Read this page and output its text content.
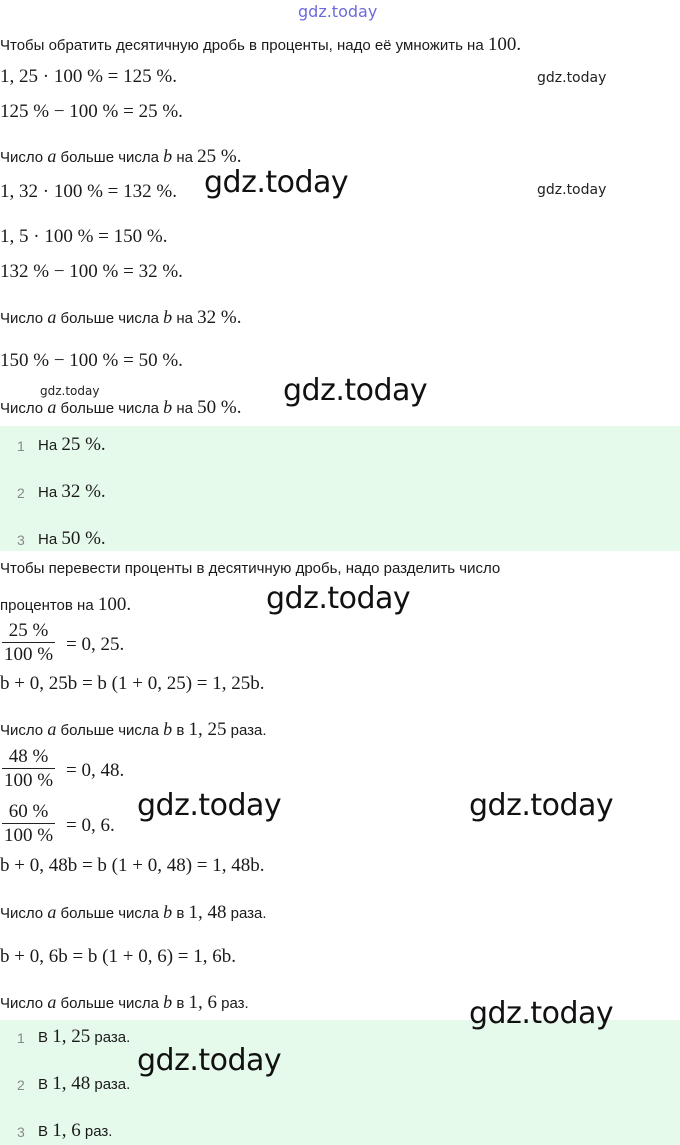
gdz.today
Чтобы обратить десятичную дробь в проценты, надо её умножить на 100.
1, 25 · 100 % = 125 %.	gdz.today
125 % − 100 % = 25 %.
Число a больше числа b на 25 %.
1, 32 · 100 % = 132 %. gdz.today	gdz.today
1, 5 · 100 % = 150 %.
132 % − 100 % = 32 %.
Число a больше числа b на 32 %.
150 % − 100 % = 50 %.
gdz.today	gdz.today
Число a больше числа b на 50 %.
1 На 25 %.
2 На 32 %.
3 На 50 %.
Чтобы перевести проценты в десятичную дробь, надо разделить число
процентов на 100.	gdz.today
$\frac{25 \%}{100 \%} = 0$, 25.
b + 0, 25b = b (1 + 0, 25) = 1, 25b.
Число a больше числа b в 1, 25 раза.
$\frac{48 \%}{100 \%} = 0$, 48.
$\frac{60 \%}{100 \%} = 0$, 6.
gdz.today	gdz.today
b + 0, 48b = b (1 + 0, 48) = 1, 48b.
Число a больше числа b в 1, 48 раза.
b + 0, 6b = b (1 + 0, 6) = 1, 6b.
Число a больше числа b в 1, 6 раз.
1 В 1, 25 раза.
2 В 1, 48 раза.
3 В 1, 6 раз.
gdz.today
gdz.today
